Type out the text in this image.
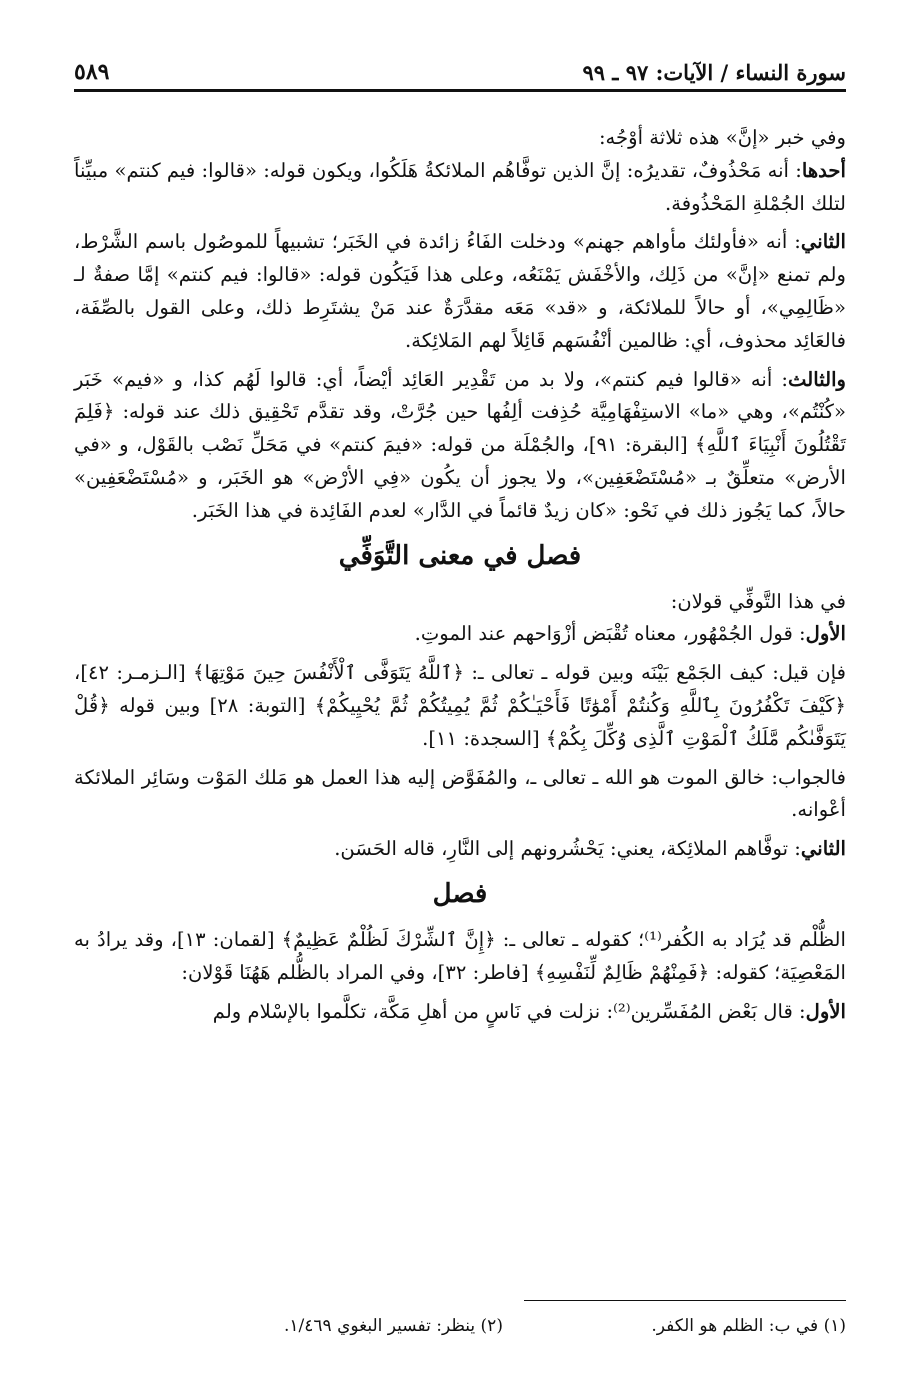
سورة النساء / الآيات: ٩٧ ـ ٩٩
٥٨٩

وفي خبر «إنَّ» هذه ثلاثة أوْجُه:

أحدها: أنه مَحْذُوفٌ، تقديرُه: إنَّ الذين توفَّاهُم الملائكةُ هَلَكُوا، ويكون قوله: «قالوا: فيم كنتم» مبيِّناً لتلك الجُمْلةِ المَحْذُوفة.

الثاني: أنه «فأولئك مأواهم جهنم» ودخلت الفَاءُ زائدة في الخَبَر؛ تشبيهاً للموصُول باسم الشَّرْط، ولم تمنع «إنَّ» من ذَلِك، والأخْفَش يَمْنَعُه، وعلى هذا فَيَكُون قوله: «قالوا: فيم كنتم» إمَّا صفةٌ لـ «ظَالِمِي»، أو حالاً للملائكة، و «قد» مَعَه مقدَّرَةٌ عند مَنْ يشتَرِط ذلك، وعلى القول بالصِّفَة، فالعَائِد محذوف، أي: ظالمين أنْفُسَهم قَائِلاً لهم المَلائِكة.

والثالث: أنه «قالوا فيم كنتم»، ولا بد من تَقْدِير العَائِد أيْضاً، أي: قالوا لَهُم كذا، و «فيم» خَبَر «كُنْتُم»، وهي «ما» الاستِفْهَامِيَّة حُذِفت ألِفُها حين جُرَّتْ، وقد تقدَّم تَحْقِيق ذلك عند قوله: ﴿فَلِمَ تَقْتُلُونَ أَنْبِيَاءَ ٱللَّهِ﴾ [البقرة: ٩١]، والجُمْلَة من قوله: «فيمَ كنتم» في مَحَلِّ نَصْب بالقَوْل، و «في الأرض» متعلِّقٌ بـ «مُسْتَضْعَفِين»، ولا يجوز أن يكُون «فِي الأرْض» هو الخَبَر، و «مُسْتَضْعَفِين» حالاً، كما يَجُوز ذلك في نَحْو: «كان زيدٌ قائماً في الدَّار» لعدم الفَائِدة في هذا الخَبَر.

فصل في معنى التَّوَفِّي

في هذا التَّوفِّي قولان:

الأول: قول الجُمْهُور، معناه تُقْبَض أزْوَاحهم عند الموتِ.

فإن قيل: كيف الجَمْع بَيْنَه وبين قوله ـ تعالى ـ: ﴿ٱللَّهُ يَتَوَفَّى ٱلْأَنْفُسَ حِينَ مَوْتِهَا﴾ [الـزمـر: ٤٢]، ﴿كَيْفَ تَكْفُرُونَ بِٱللَّهِ وَكُنتُمْ أَمْوَٰتًا فَأَحْيَـٰكُمْ ثُمَّ يُمِيتُكُمْ ثُمَّ يُحْيِيكُمْ﴾ [التوبة: ٢٨] وبين قوله ﴿قُلْ يَتَوَفَّىٰكُم مَّلَكُ ٱلْمَوْتِ ٱلَّذِى وُكِّلَ بِكُمْ﴾ [السجدة: ١١].

فالجواب: خالق الموت هو الله ـ تعالى ـ، والمُفَوَّض إليه هذا العمل هو مَلك المَوْت وسَائِر الملائكة أعْوانه.

الثاني: توفَّاهم الملائِكة، يعني: يَحْشُرونهم إلى النَّارِ، قاله الحَسَن.

فصل

الظُّلْم قد يُرَاد به الكُفر⁽¹⁾؛ كقوله ـ تعالى ـ: ﴿إِنَّ ٱلشِّرْكَ لَظُلْمٌ عَظِيمٌ﴾ [لقمان: ١٣]، وقد يرادُ به المَعْصِيَة؛ كقوله: ﴿فَمِنْهُمْ ظَالِمٌ لِّنَفْسِهِ﴾ [فاطر: ٣٢]، وفي المراد بالظُّلم هَهُنَا قَوْلان:

الأول: قال بَعْض المُفَسِّرين⁽²⁾: نزلت في نَاسٍ من أهلِ مَكَّة، تكلَّموا بالإسْلام ولم

(١) في ب: الظلم هو الكفر.
(٢) ينظر: تفسير البغوي ١/٤٦٩.
